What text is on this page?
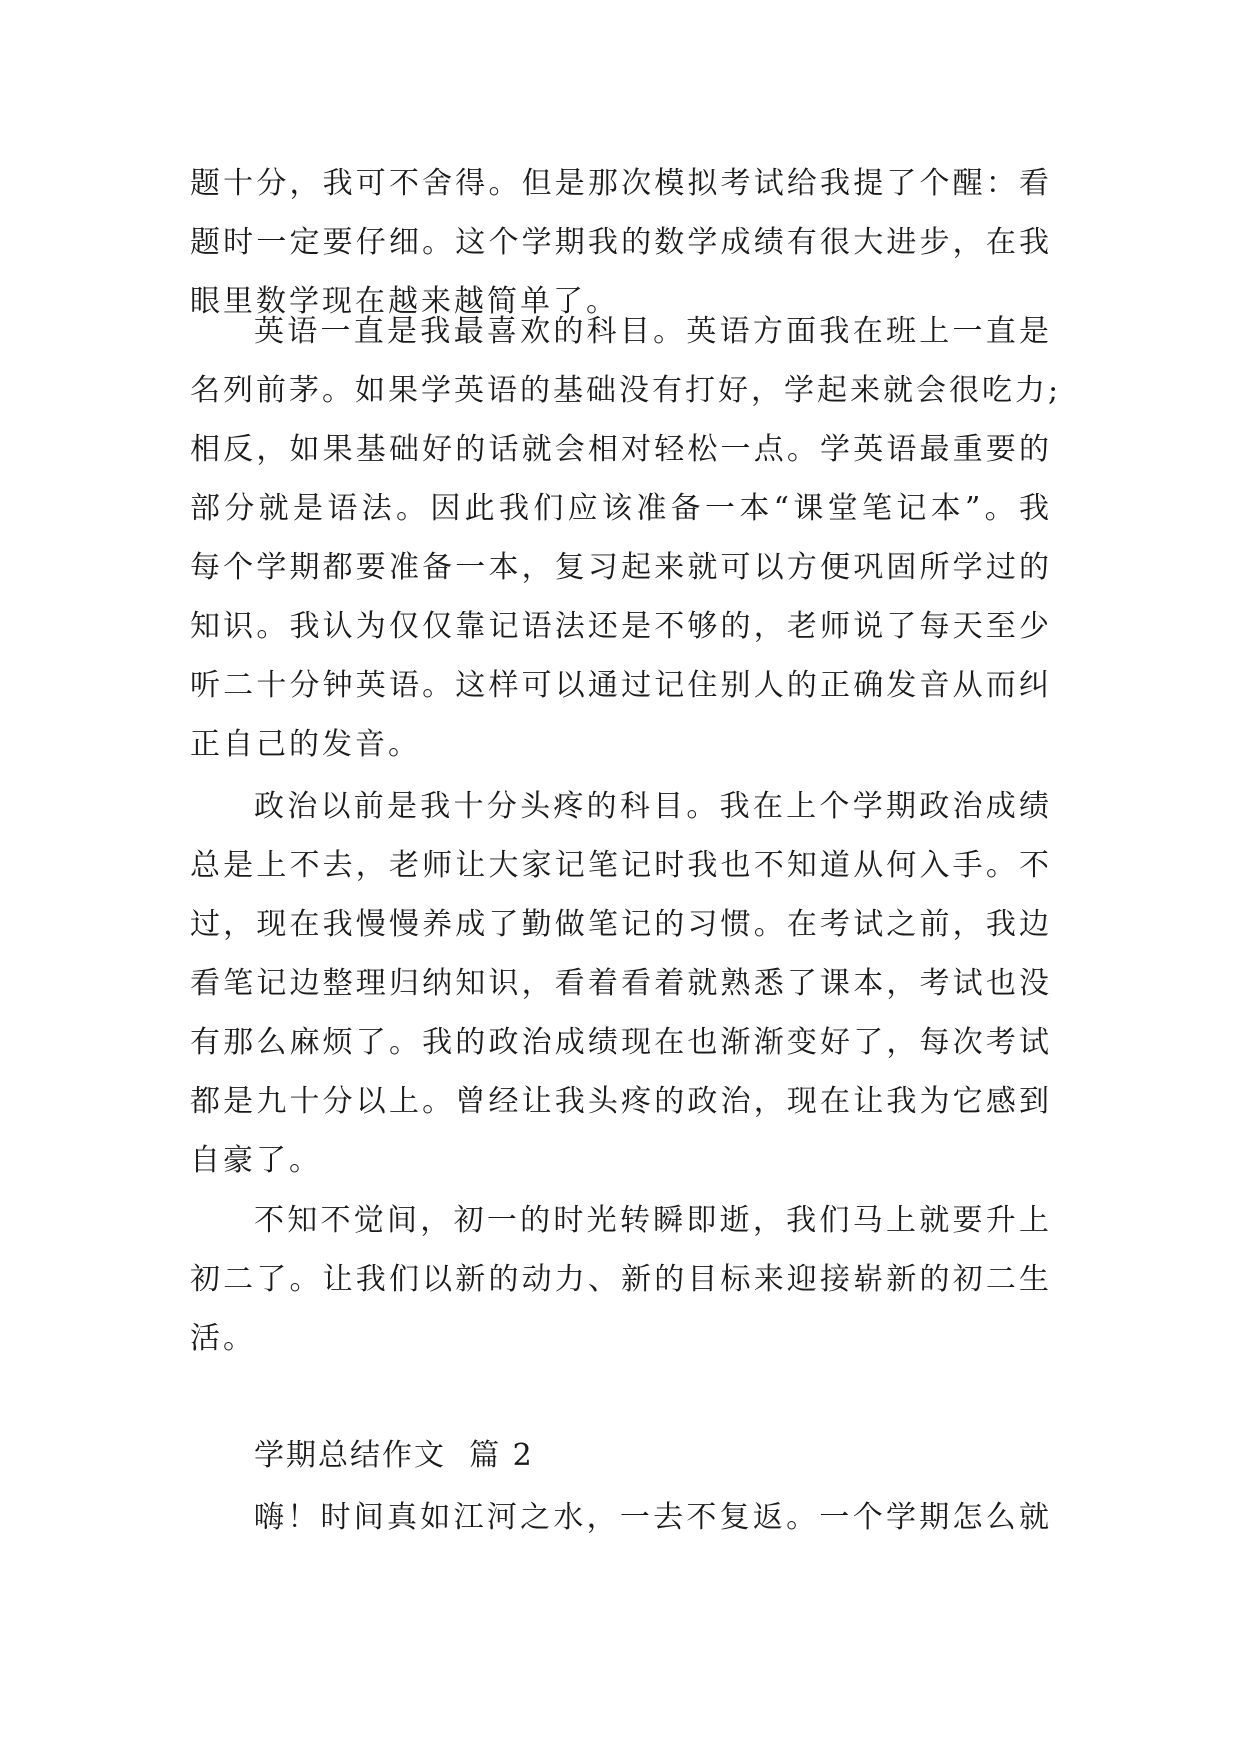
题十分，我可不舍得。但是那次模拟考试给我提了个醒：看
题时一定要仔细。这个学期我的数学成绩有很大进步，在我
眼里数学现在越来越简单了。
英语一直是我最喜欢的科目。英语方面我在班上一直是
名列前茅。如果学英语的基础没有打好，学起来就会很吃力;
相反，如果基础好的话就会相对轻松一点。学英语最重要的
部分就是语法。因此我们应该准备一本“课堂笔记本”。我
每个学期都要准备一本，复习起来就可以方便巩固所学过的
知识。我认为仅仅靠记语法还是不够的，老师说了每天至少
听二十分钟英语。这样可以通过记住别人的正确发音从而纠
正自己的发音。
政治以前是我十分头疼的科目。我在上个学期政治成绩
总是上不去，老师让大家记笔记时我也不知道从何入手。不
过，现在我慢慢养成了勤做笔记的习惯。在考试之前，我边
看笔记边整理归纳知识，看着看着就熟悉了课本，考试也没
有那么麻烦了。我的政治成绩现在也渐渐变好了，每次考试
都是九十分以上。曾经让我头疼的政治，现在让我为它感到
自豪了。
不知不觉间，初一的时光转瞬即逝，我们马上就要升上
初二了。让我们以新的动力、新的目标来迎接崭新的初二生
活。
学期总结作文  篇 2
嗨！时间真如江河之水，一去不复返。一个学期怎么就
